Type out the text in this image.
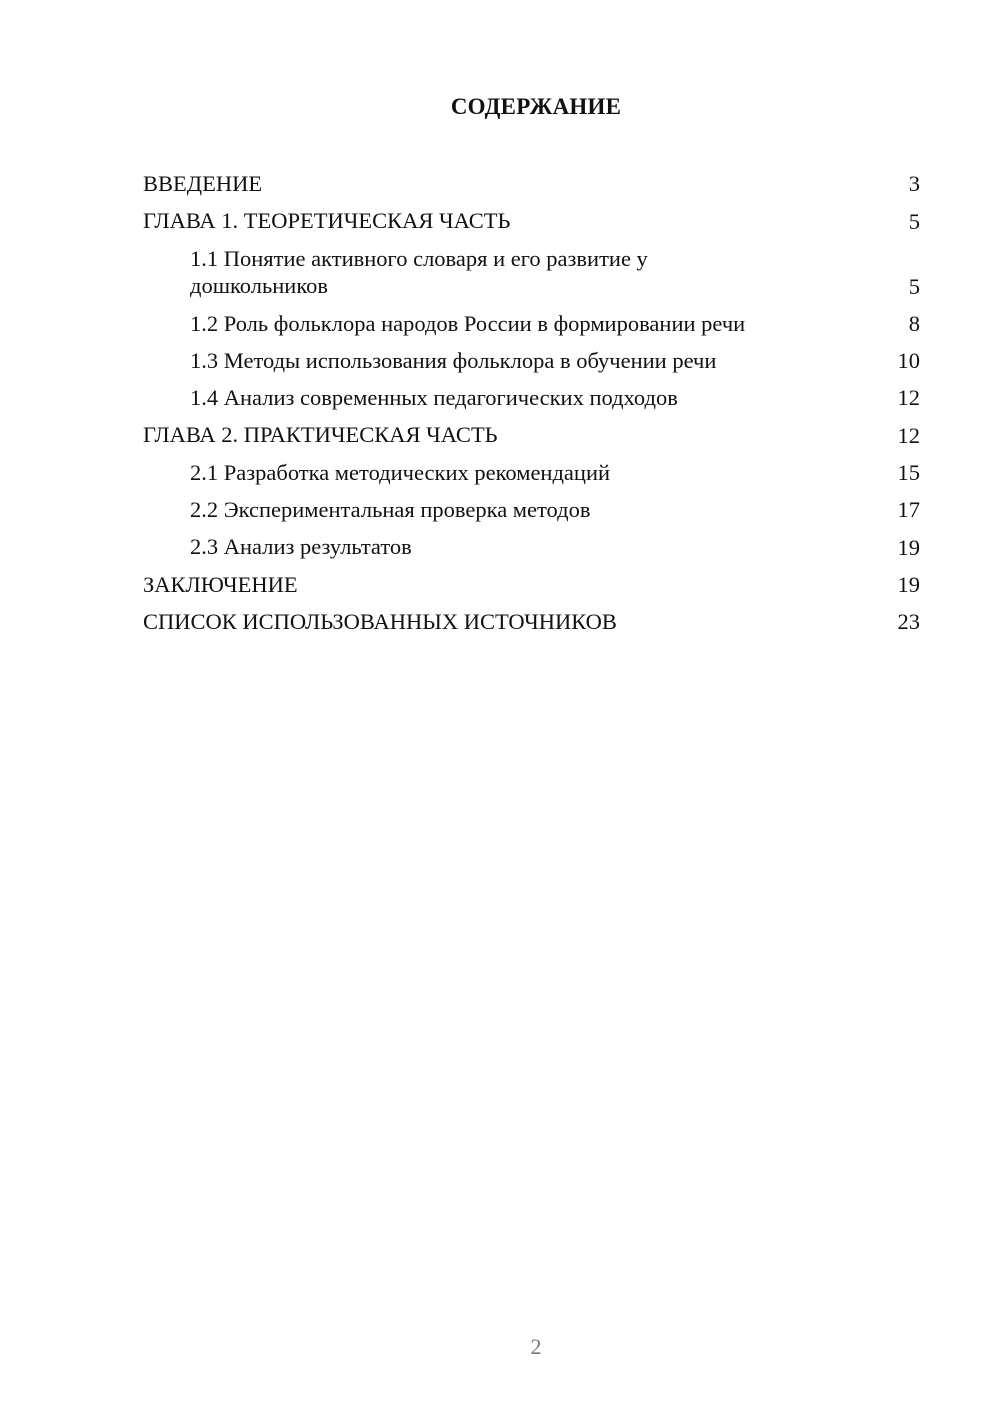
СОДЕРЖАНИЕ
ВВЕДЕНИЕ	3
ГЛАВА 1. ТЕОРЕТИЧЕСКАЯ ЧАСТЬ	5
1.1 Понятие активного словаря и его развитие у дошкольников	5
1.2 Роль фольклора народов России в формировании речи	8
1.3 Методы использования фольклора в обучении речи	10
1.4 Анализ современных педагогических подходов	12
ГЛАВА 2. ПРАКТИЧЕСКАЯ ЧАСТЬ	12
2.1 Разработка методических рекомендаций	15
2.2 Экспериментальная проверка методов	17
2.3 Анализ результатов	19
ЗАКЛЮЧЕНИЕ	19
СПИСОК ИСПОЛЬЗОВАННЫХ ИСТОЧНИКОВ	23
2
